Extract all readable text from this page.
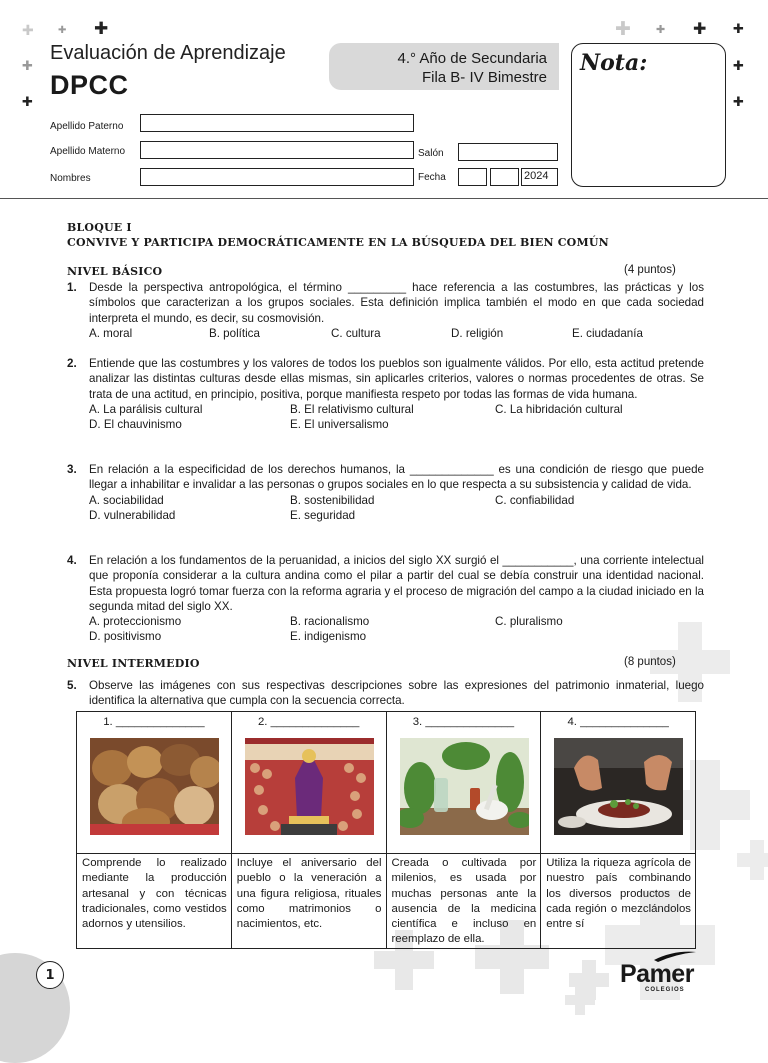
✚ ✚ ✚
✚
✚
✚ ✚ ✚ ✚
✚
✚
Evaluación de Aprendizaje
DPCC
4.° Año de Secundaria
Fila B- IV Bimestre
Nota:
Apellido Paterno
Apellido Materno
Nombres
Salón
Fecha	2024
BLOQUE I
CONVIVE Y PARTICIPA DEMOCRÁTICAMENTE EN LA BÚSQUEDA DEL BIEN COMÚN
NIVEL BÁSICO	(4 puntos)
1. Desde la perspectiva antropológica, el término _________ hace referencia a las costumbres, las prácticas y los símbolos que caracterizan a los grupos sociales. Esta definición implica también el modo en que cada sociedad interpreta el mundo, es decir, su cosmovisión.
A. moral	B. política	C. cultura	D. religión	E. ciudadanía
2. Entiende que las costumbres y los valores de todos los pueblos son igualmente válidos. Por ello, esta actitud pretende analizar las distintas culturas desde ellas mismas, sin aplicarles criterios, valores o normas procedentes de otras. Se trata de una actitud, en principio, positiva, porque manifiesta respeto por todas las formas de vida humana.
A. La parálisis cultural	B. El relativismo cultural	C. La hibridación cultural
D. El chauvinismo	E. El universalismo
3. En relación a la especificidad de los derechos humanos, la _____________ es una condición de riesgo que puede llegar a inhabilitar e invalidar a las personas o grupos sociales en lo que respecta a su subsistencia y calidad de vida.
A. sociabilidad	B. sostenibilidad	C. confiabilidad
D. vulnerabilidad	E. seguridad
4. En relación a los fundamentos de la peruanidad, a inicios del siglo XX surgió el ___________, una corriente intelectual que proponía considerar a la cultura andina como el pilar a partir del cual se debía construir una identidad nacional. Esta propuesta logró tomar fuerza con la reforma agraria y el proceso de migración del campo a la ciudad iniciado en la segunda mitad del siglo XX.
A. proteccionismo	B. racionalismo	C. pluralismo
D. positivismo	E. indigenismo
NIVEL INTERMEDIO	(8 puntos)
5. Observe las imágenes con sus respectivas descripciones sobre las expresiones del patrimonio inmaterial, luego identifica la alternativa que cumpla con la secuencia correcta.
1. ______________	2. ______________	3. ______________	4. ______________

Comprende lo realizado mediante la producción artesanal y con técnicas tradicionales, como vestidos adornos y utensilios.	Incluye el aniversario del pueblo o la veneración a una figura religiosa, rituales como matrimonios o nacimientos, etc.	Creada o cultivada por milenios, es usada por muchas personas ante la ausencia de la medicina científica e incluso en reemplazo de ella.	Utiliza la riqueza agrícola de nuestro país combinando los diversos productos de cada región o mezclándolos entre sí
1	Pamer
COLEGIOS
